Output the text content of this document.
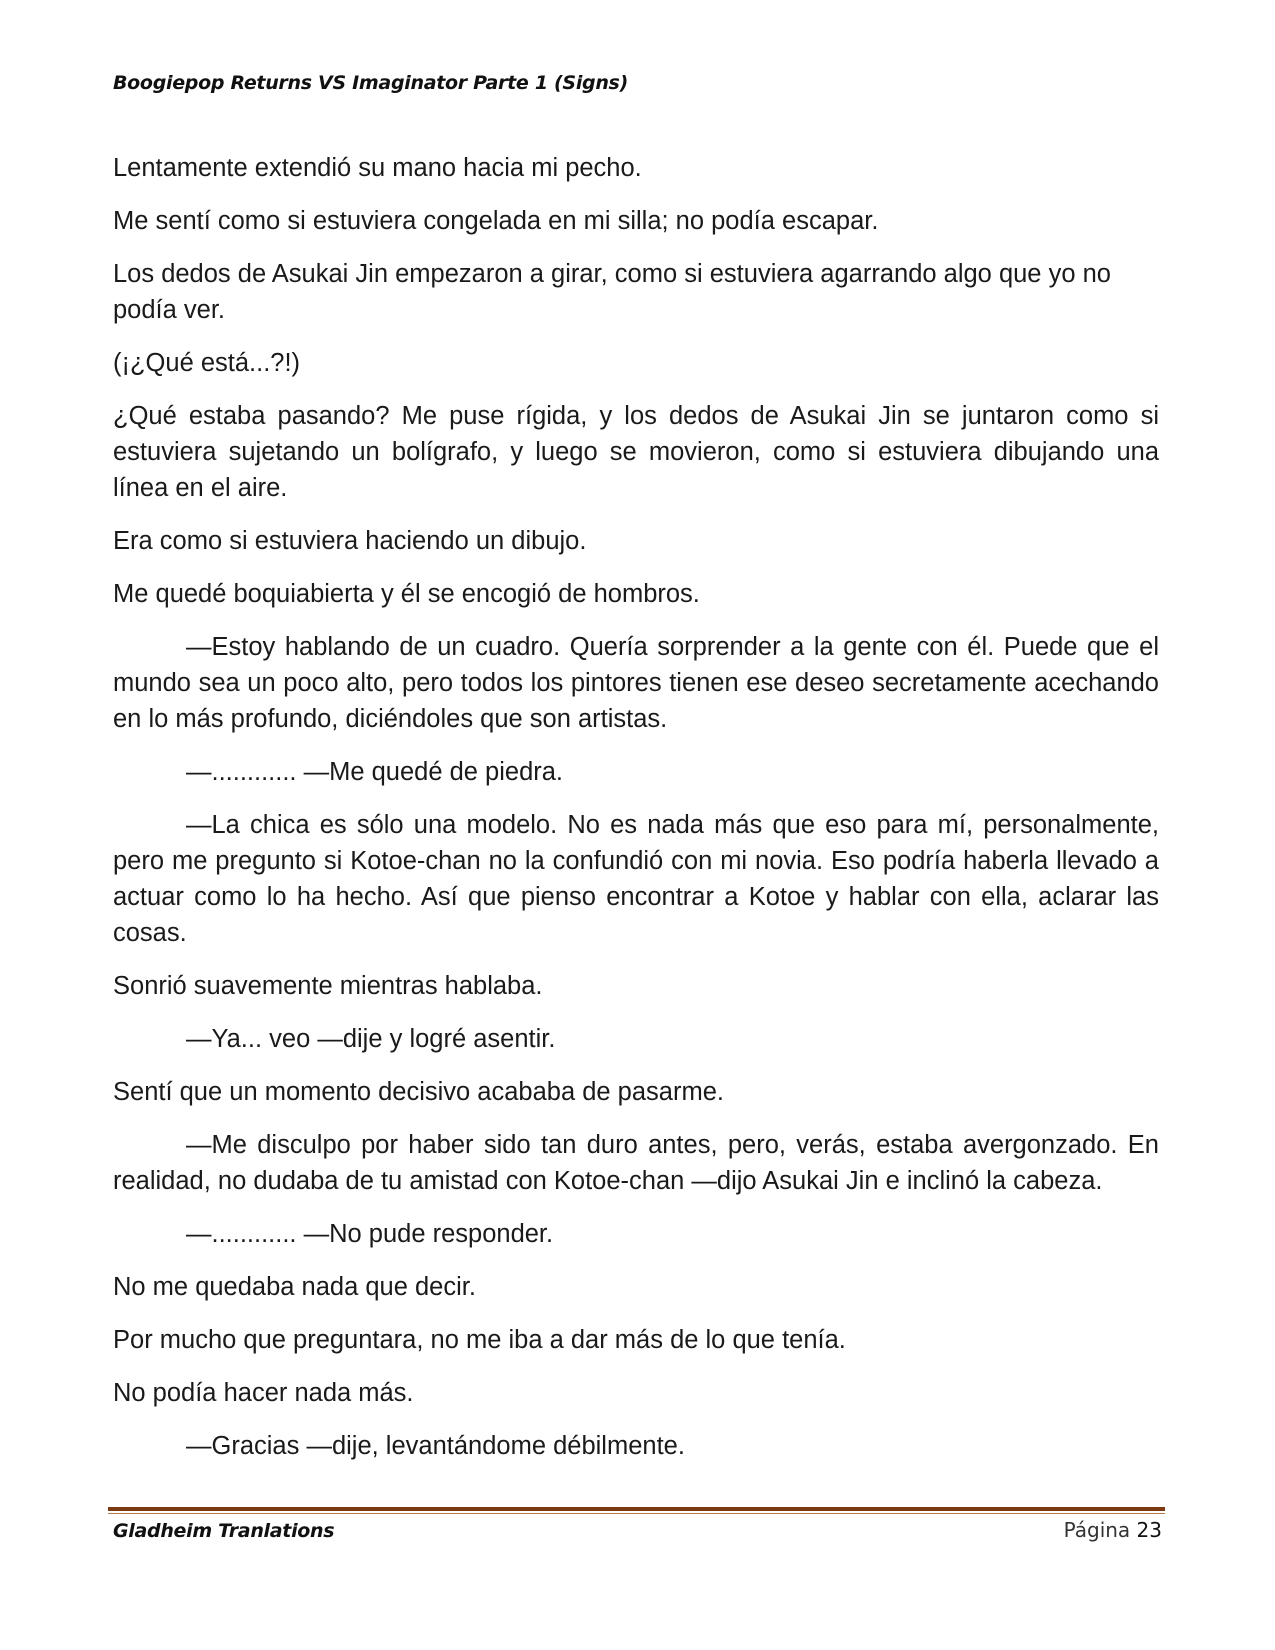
Boogiepop Returns VS Imaginator Parte 1 (Signs)

Lentamente extendió su mano hacia mi pecho.

Me sentí como si estuviera congelada en mi silla; no podía escapar.

Los dedos de Asukai Jin empezaron a girar, como si estuviera agarrando algo que yo no podía ver.

(¡¿Qué está...?!)

¿Qué estaba pasando? Me puse rígida, y los dedos de Asukai Jin se juntaron como si estuviera sujetando un bolígrafo, y luego se movieron, como si estuviera dibujando una línea en el aire.

Era como si estuviera haciendo un dibujo.

Me quedé boquiabierta y él se encogió de hombros.

—Estoy hablando de un cuadro. Quería sorprender a la gente con él. Puede que el mundo sea un poco alto, pero todos los pintores tienen ese deseo secretamente acechando en lo más profundo, diciéndoles que son artistas.

—............ —Me quedé de piedra.

—La chica es sólo una modelo. No es nada más que eso para mí, personalmente, pero me pregunto si Kotoe-chan no la confundió con mi novia. Eso podría haberla llevado a actuar como lo ha hecho. Así que pienso encontrar a Kotoe y hablar con ella, aclarar las cosas.

Sonrió suavemente mientras hablaba.

—Ya... veo —dije y logré asentir.

Sentí que un momento decisivo acababa de pasarme.

—Me disculpo por haber sido tan duro antes, pero, verás, estaba avergonzado. En realidad, no dudaba de tu amistad con Kotoe-chan —dijo Asukai Jin e inclinó la cabeza.

—............ —No pude responder.

No me quedaba nada que decir.

Por mucho que preguntara, no me iba a dar más de lo que tenía.

No podía hacer nada más.

—Gracias —dije, levantándome débilmente.

Gladheim Tranlations	Página 23
